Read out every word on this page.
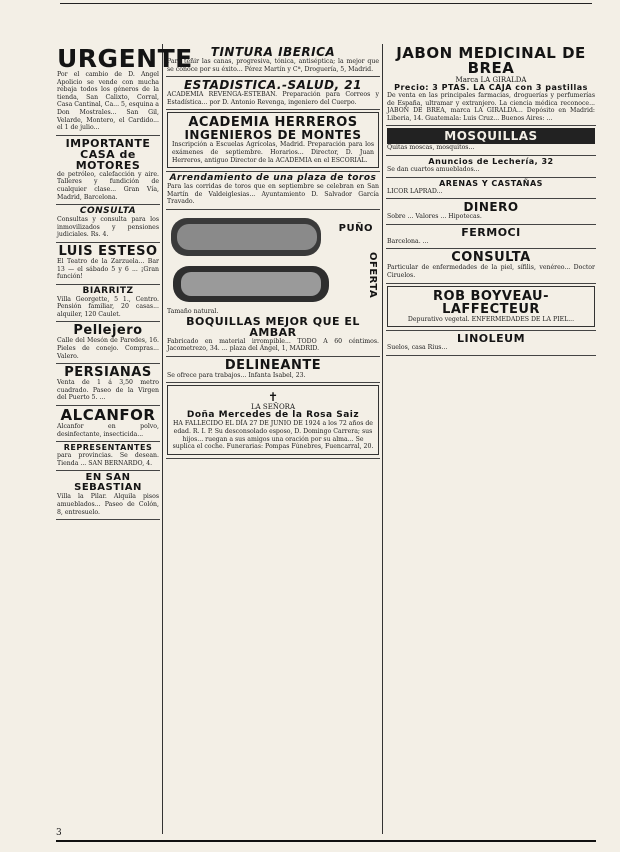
URGENTE
Por el cambio de D. Angel Apolicio se vende con mucha rebaja todos los géneros de la tienda, San Calixto, Corral, Casa Cantinal, Ca... 5, esquina a Don Mostrales... San Gil, Velarde, Montero, el Cardido... el 1 de julio...
IMPORTANTE CASA de MOTORES
de petróleo, calefacción y aire. Talleres y fundición de cualquier clase... Gran Vía, Madrid, Barcelona.
CONSULTA
Consultas y consulta para los inmovilizados y pensiones judiciales. Rs. 4.
LUIS ESTESO
El Teatro de la Zarzuela... Bar 13 — el sábado 5 y 6 ... ¡Gran función!
BIARRITZ
Villa Georgette, 5 1., Centro. Pensión familiar, 20 casas... alquiler, 120 Caulet.
Pellejero
Calle del Mesón de Paredes, 16. Pieles de conejo. Compras... Valero.
PERSIANAS
Venta de 1 á 3,50 metro cuadrado. Paseo de la Virgen del Puerto 5. ...
ALCANFOR
Alcanfor en polvo, desinfectante, insecticida...
REPRESENTANTES
para provincias. Se desean. Tienda ... SAN BERNARDO, 4.
EN SAN SEBASTIAN
Villa la Pilar. Alquila pisos amueblados... Paseo de Colón, 8, entresuelo.
TINTURA IBERICA
Para teñir las canas, progresiva, tónica, antiséptica; la mejor que se conoce por su éxito... Pérez Martín y Cª, Droguería, 5, Madrid.
ESTADISTICA.-SALUD, 21
ACADEMIA REVENGA-ESTEBAN. Preparación para Correos y Estadística... por D. Antonio Revenga, ingeniero del Cuerpo.
ACADEMIA HERREROS
INGENIEROS DE MONTES
Inscripción a Escuelas Agrícolas, Madrid. Preparación para los exámenes de septiembre. Horarios... Director, D. Juan Herreros, antiguo Director de la ACADEMIA en el ESCORIAL.
Arrendamiento de una plaza de toros
Para las corridas de toros que en septiembre se celebran en San Martín de Valdeiglesias... Ayuntamiento D. Salvador García Travado.
PUÑO
OFERTA
Tamaño natural.
BOQUILLAS MEJOR QUE EL AMBAR
Fabricado en material irrompible... TODO A 60 céntimos. Jacometrezo, 34. ... plaza del Ángel, 1, MADRID.
DELINEANTE
Se ofrece para trabajos... Infanta Isabel, 23.
✝
LA SEÑORA
Doña Mercedes de la Rosa Saiz
HA FALLECIDO EL DÍA 27 DE JUNIO DE 1924 a los 72 años de edad. R. I. P. Su desconsolado esposo, D. Domingo Carrera; sus hijos... ruegan a sus amigos una oración por su alma... Se suplica el coche. Funerarias: Pompas Fúnebres, Fuencarral, 20.
JABON MEDICINAL DE BREA
Marca LA GIRALDA
Precio: 3 PTAS. LA CAJA con 3 pastillas
De venta en las principales farmacias, droguerías y perfumerías de España, ultramar y extranjero. La ciencia médica reconoce... JABON DE BREA, marca LA GIRALDA... Depósito en Madrid: Liberia, 14. Guatemala: Luis Cruz... Buenos Aires: ...
MOSQUILLAS
Quitas moscas, mosquitos...
Anuncios de Lechería, 32
Se dan cuartos amueblados...
ARENAS Y CASTAÑAS
LICOR LAPRAD...
DINERO
Sobre ... Valores ... Hipotecas.
FERMOCI
Barcelona. ...
CONSULTA
Particular de enfermedades de la piel, sífilis, venéreo... Doctor Ciruelos.
ROB BOYVEAU-LAFFECTEUR
Depurativo vegetal. ENFERMEDADES DE LA PIEL...
LINOLEUM
Suelos, casa Rius...
3
